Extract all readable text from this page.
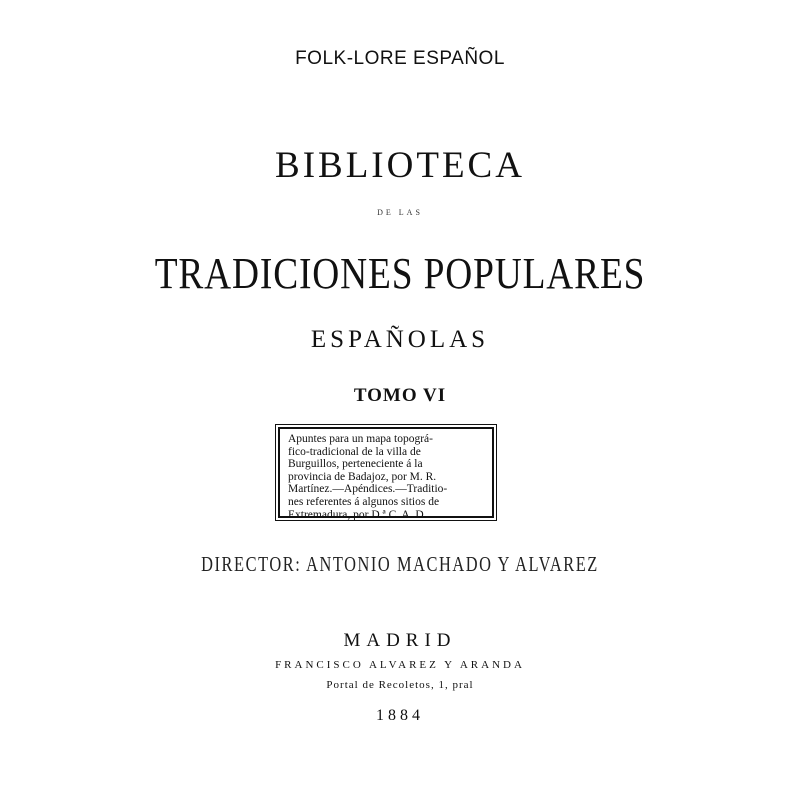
FOLK-LORE ESPAÑOL
BIBLIOTECA
DE LAS
TRADICIONES POPULARES
ESPAÑOLAS
TOMO VI
Apuntes para un mapa topográ-
fico-tradicional de la villa de
Burguillos, perteneciente á la
provincia de Badajoz, por M. R.
Martínez.—Apéndices.—Traditio-
nes referentes á algunos sitios de
Extremadura, por D.ª C. A. D.
DIRECTOR: ANTONIO MACHADO Y ALVAREZ
MADRID
FRANCISCO ALVAREZ Y ARANDA
Portal de Recoletos, 1, pral
1884
